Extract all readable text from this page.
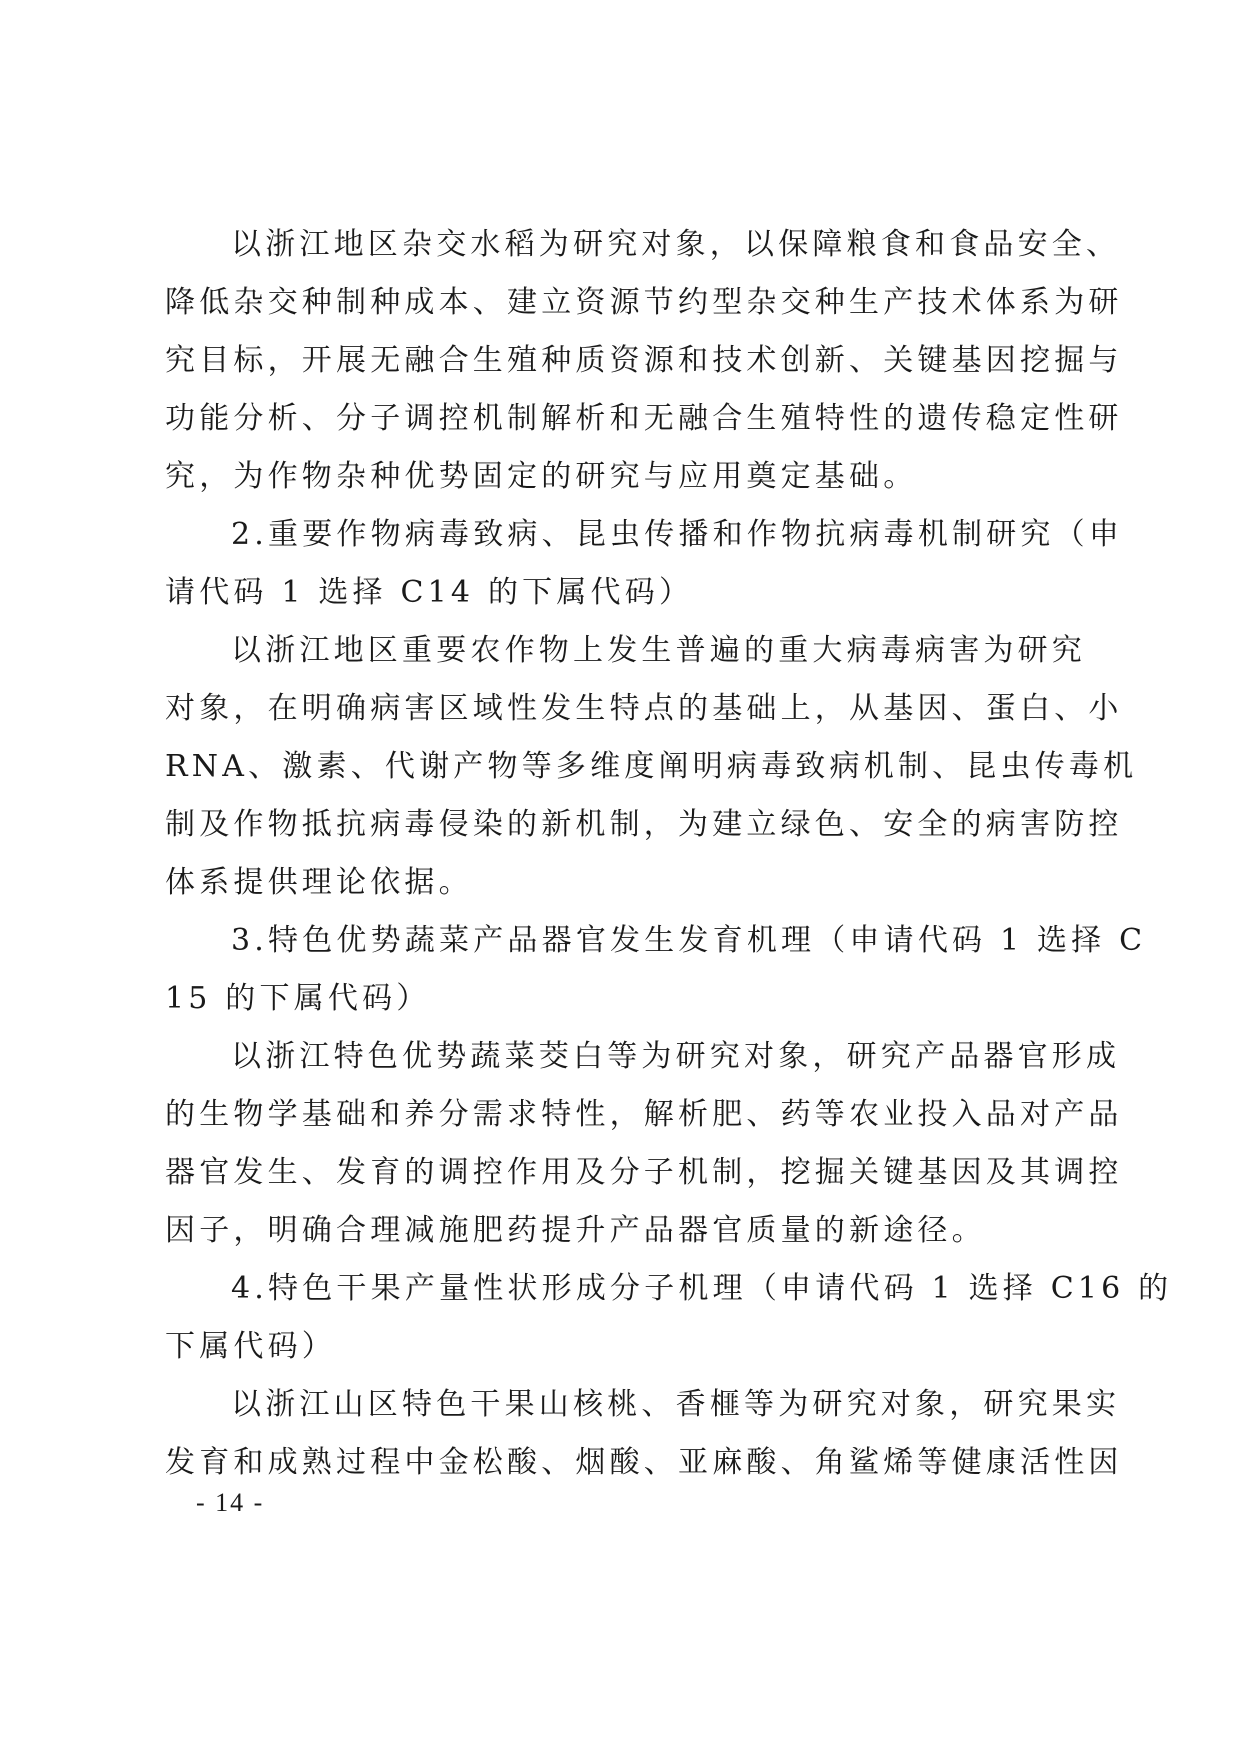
以浙江地区杂交水稻为研究对象，以保障粮食和食品安全、
降低杂交种制种成本、建立资源节约型杂交种生产技术体系为研
究目标，开展无融合生殖种质资源和技术创新、关键基因挖掘与
功能分析、分子调控机制解析和无融合生殖特性的遗传稳定性研
究，为作物杂种优势固定的研究与应用奠定基础。
2.重要作物病毒致病、昆虫传播和作物抗病毒机制研究（申
请代码 1 选择 C14 的下属代码）
以浙江地区重要农作物上发生普遍的重大病毒病害为研究
对象，在明确病害区域性发生特点的基础上，从基因、蛋白、小
RNA、激素、代谢产物等多维度阐明病毒致病机制、昆虫传毒机
制及作物抵抗病毒侵染的新机制，为建立绿色、安全的病害防控
体系提供理论依据。
3.特色优势蔬菜产品器官发生发育机理（申请代码 1 选择 C
15 的下属代码）
以浙江特色优势蔬菜茭白等为研究对象，研究产品器官形成
的生物学基础和养分需求特性，解析肥、药等农业投入品对产品
器官发生、发育的调控作用及分子机制，挖掘关键基因及其调控
因子，明确合理减施肥药提升产品器官质量的新途径。
4.特色干果产量性状形成分子机理（申请代码 1 选择 C16 的
下属代码）
以浙江山区特色干果山核桃、香榧等为研究对象，研究果实
发育和成熟过程中金松酸、烟酸、亚麻酸、角鲨烯等健康活性因
- 14 -
